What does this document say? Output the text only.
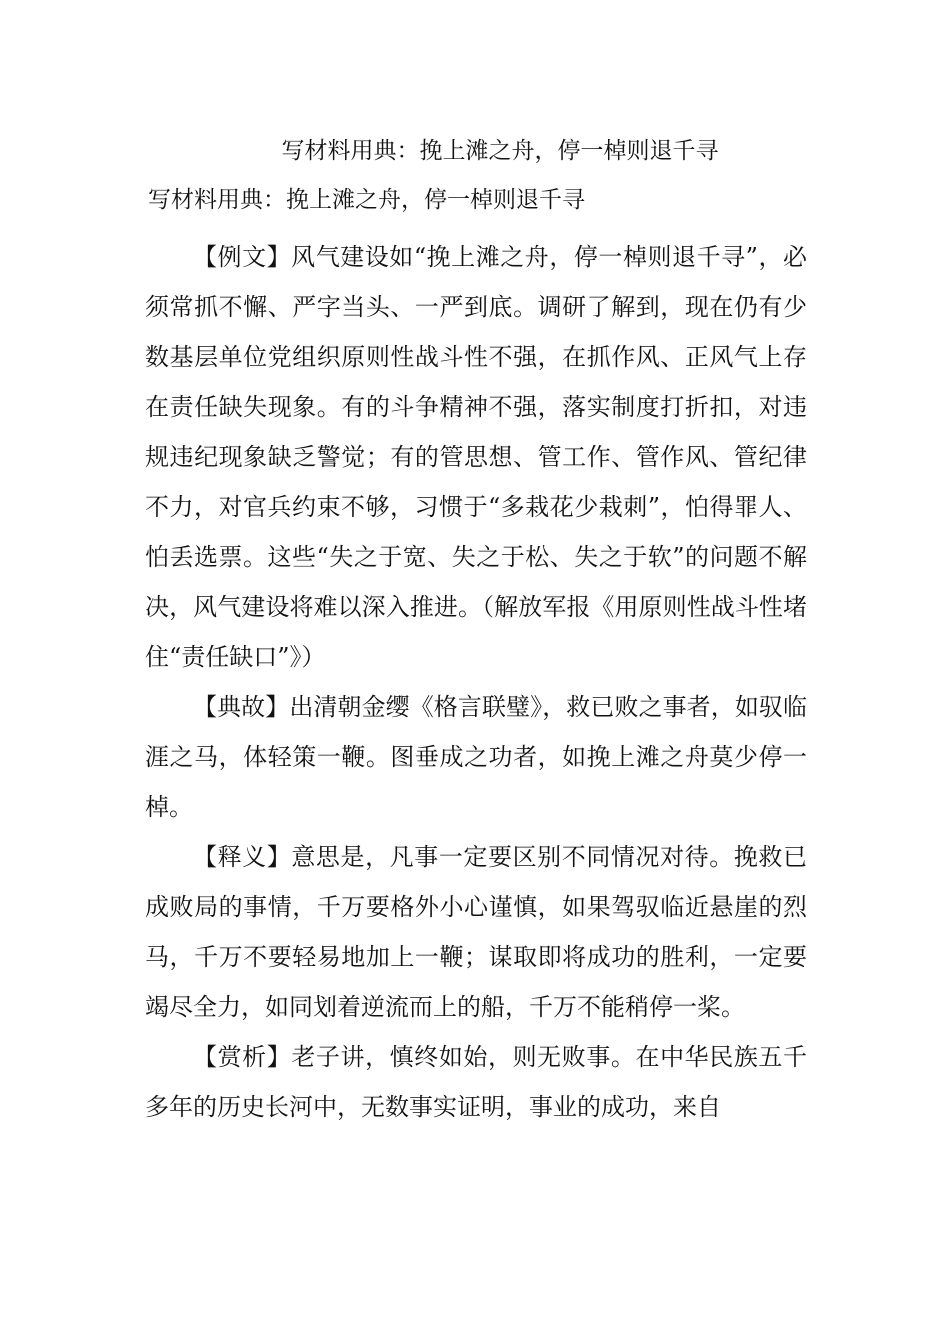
写材料用典：挽上滩之舟，停一棹则退千寻
写材料用典：挽上滩之舟，停一棹则退千寻

【例文】风气建设如“挽上滩之舟，停一棹则退千寻”，必须常抓不懈、严字当头、一严到底。调研了解到，现在仍有少数基层单位党组织原则性战斗性不强，在抓作风、正风气上存在责任缺失现象。有的斗争精神不强，落实制度打折扣，对违规违纪现象缺乏警觉；有的管思想、管工作、管作风、管纪律不力，对官兵约束不够，习惯于“多栽花少栽刺”，怕得罪人、怕丢选票。这些“失之于宽、失之于松、失之于软”的问题不解决，风气建设将难以深入推进。（解放军报《用原则性战斗性堵住“责任缺口”》）

【典故】出清朝金缨《格言联璧》，救已败之事者，如驭临涯之马，体轻策一鞭。图垂成之功者，如挽上滩之舟莫少停一棹。

【释义】意思是，凡事一定要区别不同情况对待。挽救已成败局的事情，千万要格外小心谨慎，如果驾驭临近悬崖的烈马，千万不要轻易地加上一鞭；谋取即将成功的胜利，一定要竭尽全力，如同划着逆流而上的船，千万不能稍停一桨。

【赏析】老子讲，慎终如始，则无败事。在中华民族五千多年的历史长河中，无数事实证明，事业的成功，来自
